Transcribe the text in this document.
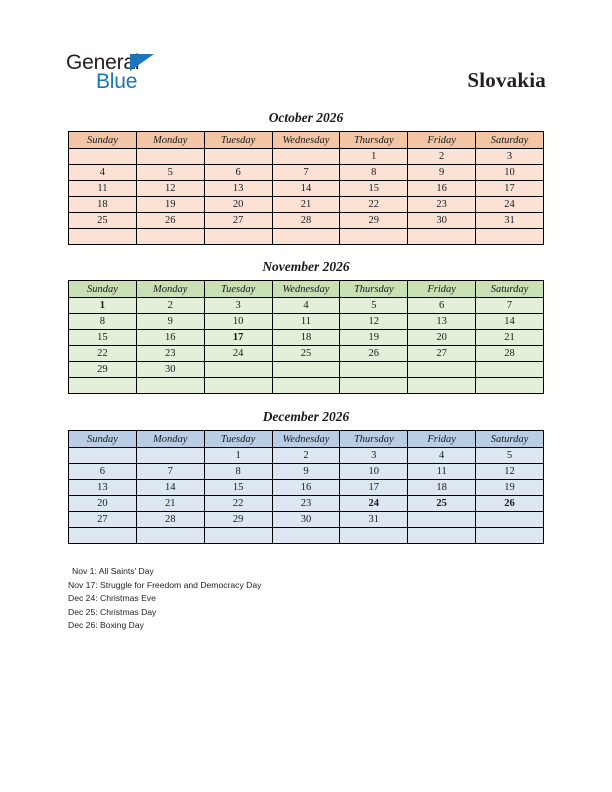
General
Blue	Slovakia
October 2026
Sunday	Monday	Tuesday	Wednesday	Thursday	Friday	Saturday
				1	2	3
4	5	6	7	8	9	10
11	12	13	14	15	16	17
18	19	20	21	22	23	24
25	26	27	28	29	30	31

November 2026
Sunday	Monday	Tuesday	Wednesday	Thursday	Friday	Saturday
1	2	3	4	5	6	7
8	9	10	11	12	13	14
15	16	17	18	19	20	21
22	23	24	25	26	27	28
29	30					

December 2026
Sunday	Monday	Tuesday	Wednesday	Thursday	Friday	Saturday
		1	2	3	4	5
6	7	8	9	10	11	12
13	14	15	16	17	18	19
20	21	22	23	24	25	26
27	28	29	30	31		

Nov 1: All Saints’ Day
Nov 17: Struggle for Freedom and Democracy Day
Dec 24: Christmas Eve
Dec 25: Christmas Day
Dec 26: Boxing Day
